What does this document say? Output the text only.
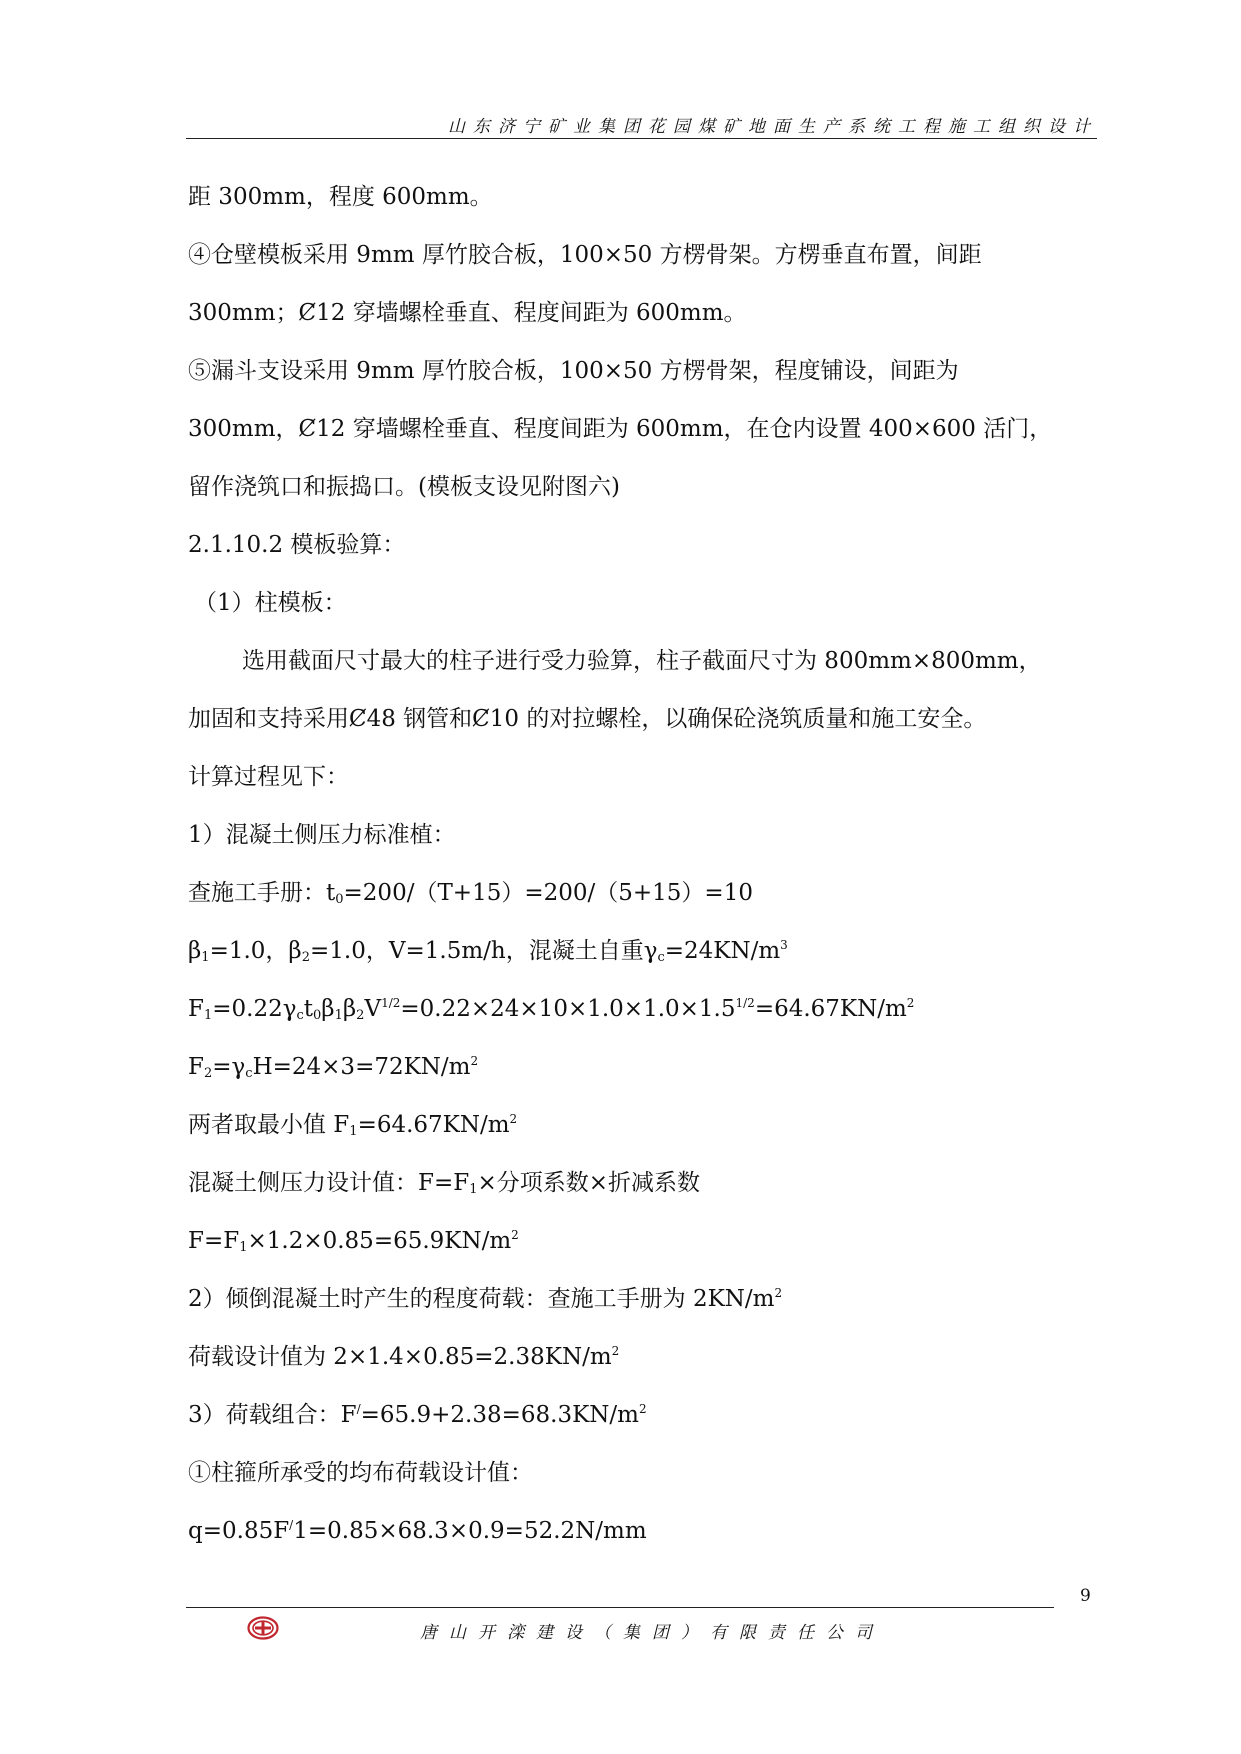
山东济宁矿业集团花园煤矿地面生产系统工程施工组织设计
距 300mm，程度 600mm。
④仓壁模板采用 9mm 厚竹胶合板，100×50 方楞骨架。方楞垂直布置，间距
300mm；Ȼ12 穿墙螺栓垂直、程度间距为 600mm。
⑤漏斗支设采用 9mm 厚竹胶合板，100×50 方楞骨架，程度铺设，间距为
300mm，Ȼ12 穿墙螺栓垂直、程度间距为 600mm，在仓内设置 400×600 活门，
留作浇筑口和振捣口。(模板支设见附图六)
2.1.10.2 模板验算：
（1）柱模板：
选用截面尺寸最大的柱子进行受力验算，柱子截面尺寸为 800mm×800mm，
加固和支持采用Ȼ48 钢管和Ȼ10 的对拉螺栓，以确保砼浇筑质量和施工安全。
计算过程见下：
1）混凝土侧压力标准植：
查施工手册：$t_0=200/(T+15)=200/(5+15)=10$
$\beta_1=1.0$，$\beta_2=1.0$，V=1.5m/h，混凝土自重$\gamma_c=24KN/m^3$
$F_1=0.22\gamma_ct_0\beta_1\beta_2V^{1/2}=0.22\times 24\times 10\times 1.0\times 1.0\times 1.5^{1/2}=64.67KN/m^2$
$F_2=\gamma_cH=24\times 3=72KN/m^2$
两者取最小值 $F_1=64.67KN/m^2$
混凝土侧压力设计值：$F=F_1\times$分项系数×折减系数
$F=F_1\times 1.2\times 0.85=65.9KN/m^2$
2）倾倒混凝土时产生的程度荷载：查施工手册为 $2KN/m^2$
荷载设计值为 $2\times 1.4\times 0.85=2.38KN/m^2$
3）荷载组合：$F^/=65.9+2.38=68.3KN/m^2$
①柱箍所承受的均布荷载设计值：
q=0.85F/1=0.85×68.3×0.9=52.2N/mm
9
唐山开滦建设（集团）有限责任公司
